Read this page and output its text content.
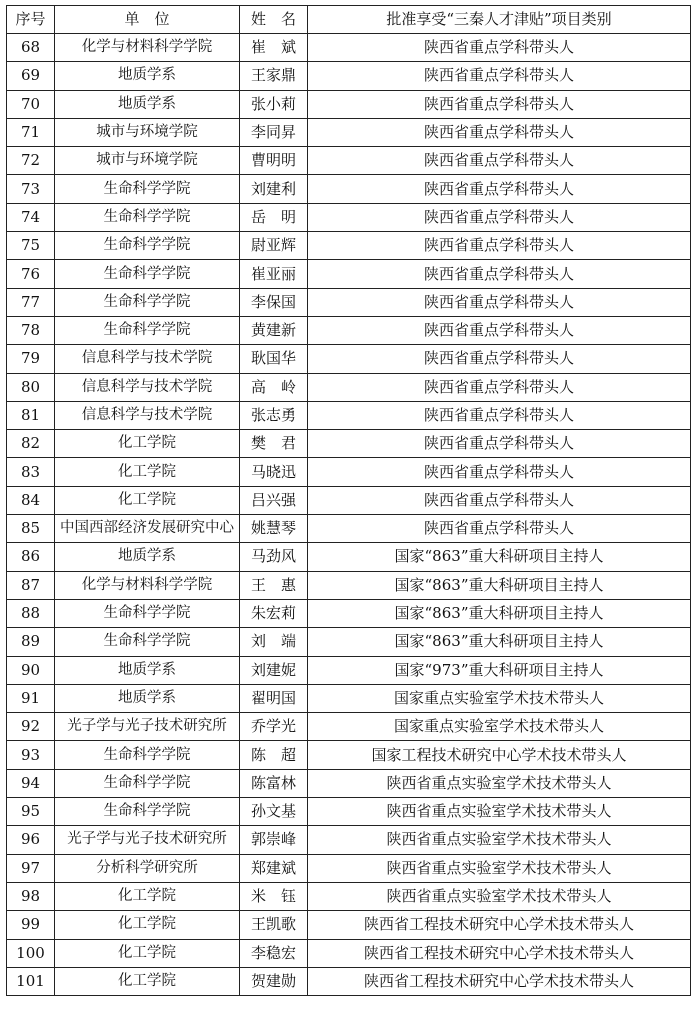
序号	单　位	姓　名	批准享受“三秦人才津贴”项目类别
68	化学与材料科学学院	崔　斌	陕西省重点学科带头人
69	地质学系	王家鼎	陕西省重点学科带头人
70	地质学系	张小莉	陕西省重点学科带头人
71	城市与环境学院	李同昇	陕西省重点学科带头人
72	城市与环境学院	曹明明	陕西省重点学科带头人
73	生命科学学院	刘建利	陕西省重点学科带头人
74	生命科学学院	岳　明	陕西省重点学科带头人
75	生命科学学院	尉亚辉	陕西省重点学科带头人
76	生命科学学院	崔亚丽	陕西省重点学科带头人
77	生命科学学院	李保国	陕西省重点学科带头人
78	生命科学学院	黄建新	陕西省重点学科带头人
79	信息科学与技术学院	耿国华	陕西省重点学科带头人
80	信息科学与技术学院	高　岭	陕西省重点学科带头人
81	信息科学与技术学院	张志勇	陕西省重点学科带头人
82	化工学院	樊　君	陕西省重点学科带头人
83	化工学院	马晓迅	陕西省重点学科带头人
84	化工学院	吕兴强	陕西省重点学科带头人
85	中国西部经济发展研究中心	姚慧琴	陕西省重点学科带头人
86	地质学系	马劲风	国家“863”重大科研项目主持人
87	化学与材料科学学院	王　惠	国家“863”重大科研项目主持人
88	生命科学学院	朱宏莉	国家“863”重大科研项目主持人
89	生命科学学院	刘　端	国家“863”重大科研项目主持人
90	地质学系	刘建妮	国家“973”重大科研项目主持人
91	地质学系	翟明国	国家重点实验室学术技术带头人
92	光子学与光子技术研究所	乔学光	国家重点实验室学术技术带头人
93	生命科学学院	陈　超	国家工程技术研究中心学术技术带头人
94	生命科学学院	陈富林	陕西省重点实验室学术技术带头人
95	生命科学学院	孙文基	陕西省重点实验室学术技术带头人
96	光子学与光子技术研究所	郭崇峰	陕西省重点实验室学术技术带头人
97	分析科学研究所	郑建斌	陕西省重点实验室学术技术带头人
98	化工学院	米　钰	陕西省重点实验室学术技术带头人
99	化工学院	王凯歌	陕西省工程技术研究中心学术技术带头人
100	化工学院	李稳宏	陕西省工程技术研究中心学术技术带头人
101	化工学院	贺建勋	陕西省工程技术研究中心学术技术带头人
